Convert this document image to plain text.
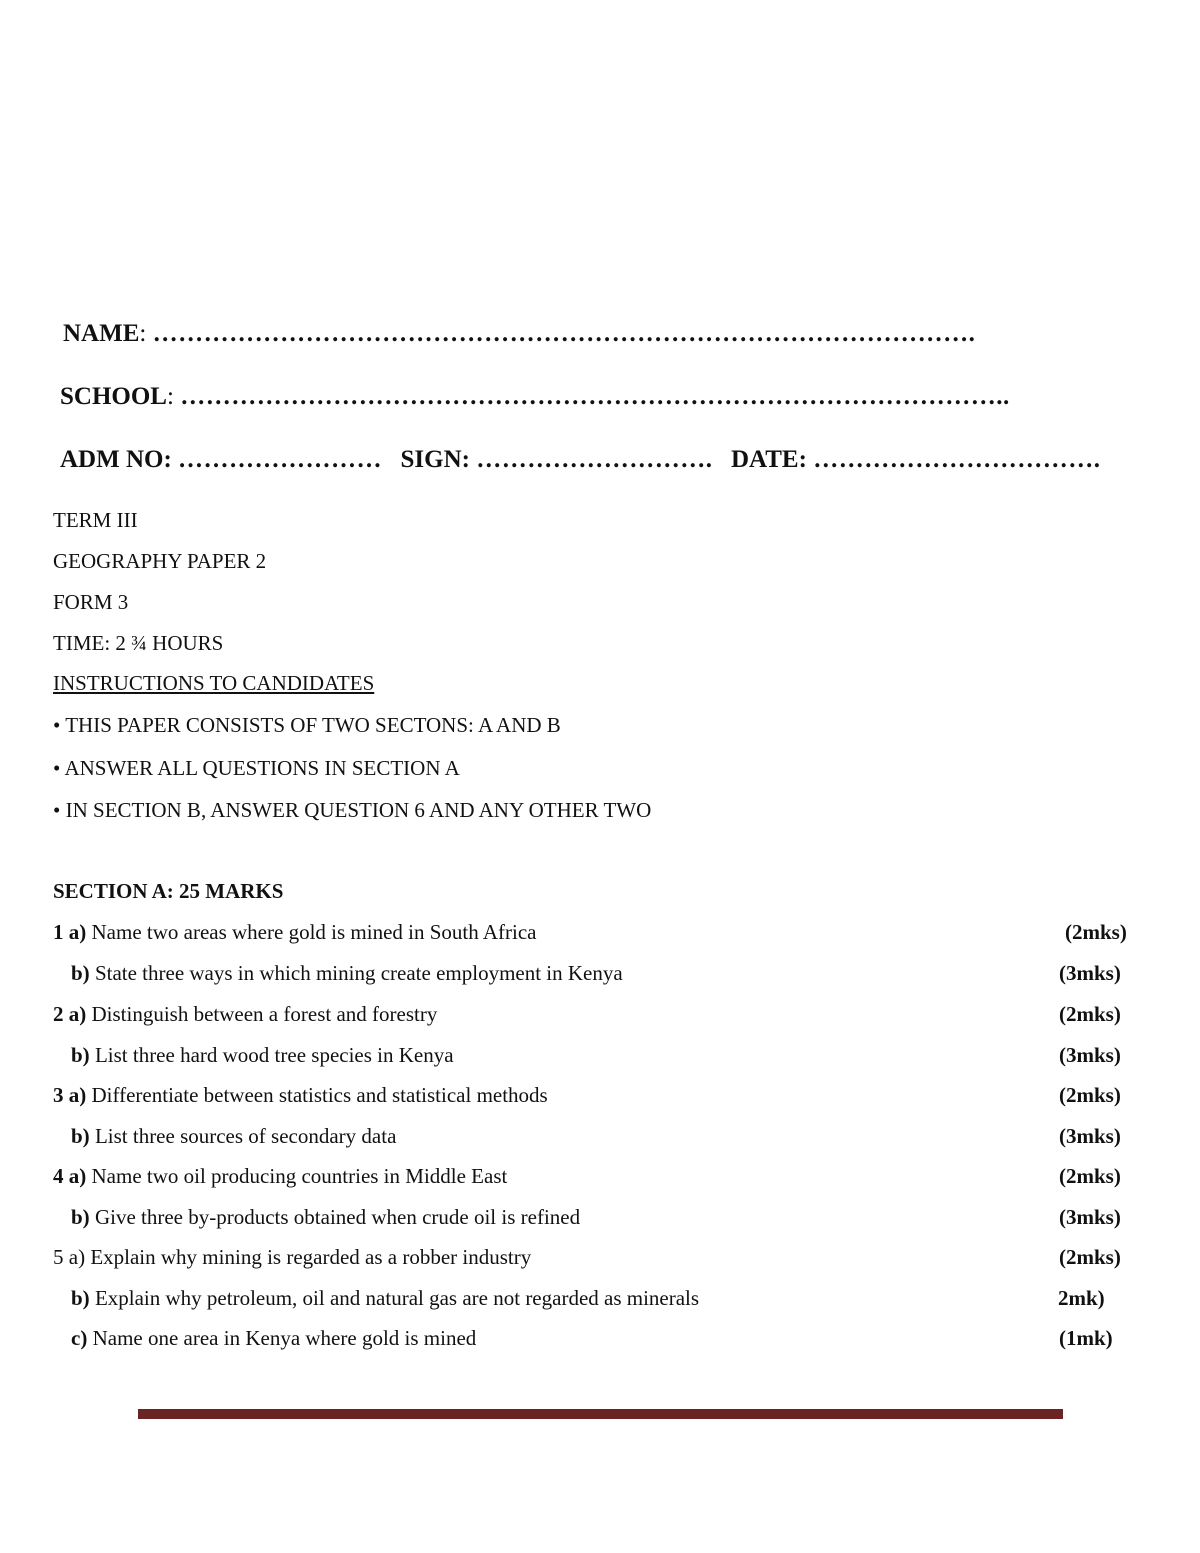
NAME: …………………………………………………………………………………….
SCHOOL: ……………………………………………………………………………………..
ADM NO: …………………… SIGN: ………………………. DATE: …………………………….
TERM III
GEOGRAPHY PAPER 2
FORM 3
TIME: 2 ¾ HOURS
INSTRUCTIONS TO CANDIDATES
• THIS PAPER CONSISTS OF TWO SECTONS: A AND B
• ANSWER ALL QUESTIONS IN SECTION A
• IN SECTION B, ANSWER QUESTION 6 AND ANY OTHER TWO
SECTION A: 25 MARKS
1 a) Name two areas where gold is mined in South Africa	(2mks)
b) State three ways in which mining create employment in Kenya	(3mks)
2 a) Distinguish between a forest and forestry	(2mks)
b) List three hard wood tree species in Kenya	(3mks)
3 a) Differentiate between statistics and statistical methods	(2mks)
b) List three sources of secondary data	(3mks)
4 a) Name two oil producing countries in Middle East	(2mks)
b) Give three by-products obtained when crude oil is refined	(3mks)
5 a) Explain why mining is regarded as a robber industry	(2mks)
b) Explain why petroleum, oil and natural gas are not regarded as minerals	2mk)
c) Name one area in Kenya where gold is mined	(1mk)
